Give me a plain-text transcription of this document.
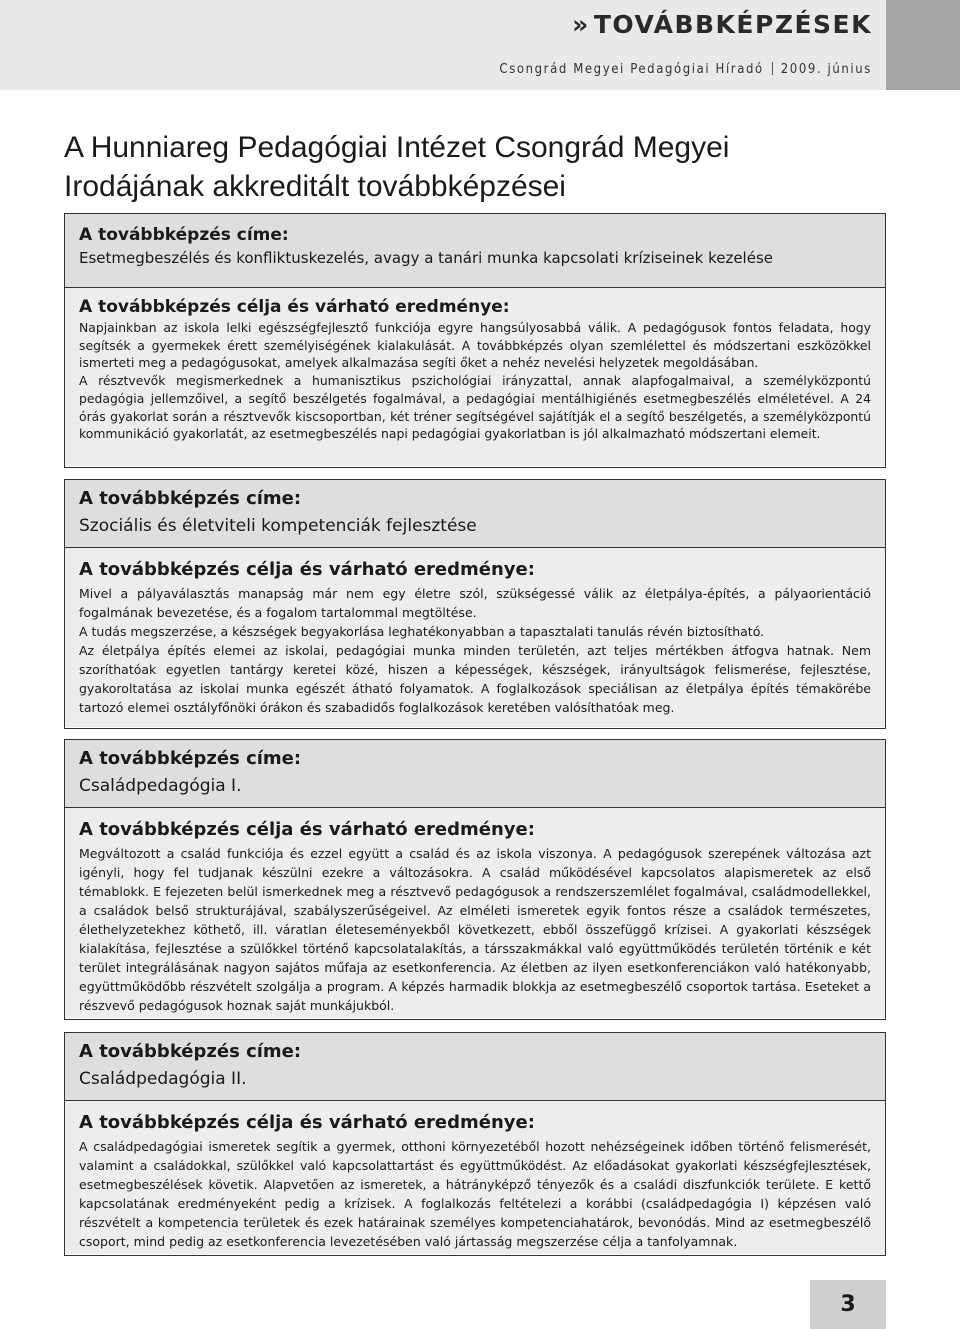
» TOVÁBBKÉPZÉSEK
Csongrád Megyei Pedagógiai Híradó 2009. június
A Hunniareg Pedagógiai Intézet Csongrád Megyei
Irodájának akkreditált továbbképzései

A továbbképzés címe:

Esetmegbeszélés és konfliktuskezelés, avagy a tanári munka kapcsolati kríziseinek kezelése

A továbbképzés célja és várható eredménye:

Napjainkban az iskola lelki egészségfejlesztő funkciója egyre hangsúlyosabbá válik. A pedagógusok fontos feladata, hogy segítsék a gyermekek érett személyiségének kialakulását. A továbbképzés olyan szemlélettel és módszertani eszközökkel ismerteti meg a pedagógusokat, amelyek alkalmazása segíti őket a nehéz nevelési helyzetek megoldásában.

A résztvevők megismerkednek a humanisztikus pszichológiai irányzattal, annak alapfogalmaival, a személyközpontú pedagógia jellemzőivel, a segítő beszélgetés fogalmával, a pedagógiai mentálhigiénés esetmegbeszélés elméletével. A 24 órás gyakorlat során a résztvevők kiscsoportban, két tréner segítségével sajátítják el a segítő beszélgetés, a személyközpontú kommunikáció gyakorlatát, az esetmegbeszélés napi pedagógiai gyakorlatban is jól alkalmazható módszertani elemeit.

A továbbképzés címe:

Szociális és életviteli kompetenciák fejlesztése

A továbbképzés célja és várható eredménye:

Mivel a pályaválasztás manapság már nem egy életre szól, szükségessé válik az életpálya-építés, a pályaorientáció fogalmának bevezetése, és a fogalom tartalommal megtöltése.

A tudás megszerzése, a készségek begyakorlása leghatékonyabban a tapasztalati tanulás révén biztosítható.

Az életpálya építés elemei az iskolai, pedagógiai munka minden területén, azt teljes mértékben átfogva hatnak. Nem szoríthatóak egyetlen tantárgy keretei közé, hiszen a képességek, készségek, irányultságok felismerése, fejlesztése, gyakoroltatása az iskolai munka egészét átható folyamatok. A foglalkozások speciálisan az életpálya építés témakörébe tartozó elemei osztályfőnöki órákon és szabadidős foglalkozások keretében valósíthatóak meg.

A továbbképzés címe:

Családpedagógia I.

A továbbképzés célja és várható eredménye:

Megváltozott a család funkciója és ezzel együtt a család és az iskola viszonya. A pedagógusok szerepének változása azt igényli, hogy fel tudjanak készülni ezekre a változásokra. A család működésével kapcsolatos alapismeretek az első témablokk. E fejezeten belül ismerkednek meg a résztvevő pedagógusok a rendszerszemlélet fogalmával, családmodellekkel, a családok belső strukturájával, szabályszerűségeivel. Az elméleti ismeretek egyik fontos része a családok természetes, élethelyzetekhez köthető, ill. váratlan életeseményekből következett, ebből összefüggő krízisei. A gyakorlati készségek kialakítása, fejlesztése a szülőkkel történő kapcsolatalakítás, a társszakmákkal való együttműködés területén történik e két terület integrálásának nagyon sajátos műfaja az esetkonferencia. Az életben az ilyen esetkonferenciákon való hatékonyabb, együttműködőbb részvételt szolgálja a program. A képzés harmadik blokkja az esetmegbeszélő csoportok tartása. Eseteket a részvevő pedagógusok hoznak saját munkájukból.

A továbbképzés címe:

Családpedagógia II.

A továbbképzés célja és várható eredménye:

A családpedagógiai ismeretek segítik a gyermek, otthoni környezetéből hozott nehézségeinek időben történő felismerését, valamint a családokkal, szülőkkel való kapcsolattartást és együttműködést. Az előadásokat gyakorlati készségfejlesztések, esetmegbeszélések követik. Alapvetően az ismeretek, a hátrányképző tényezők és a családi diszfunkciók területe. E kettő kapcsolatának eredményeként pedig a krízisek. A foglalkozás feltételezi a korábbi (családpedagógia I) képzésen való részvételt a kompetencia területek és ezek határainak személyes kompetenciahatárok, bevonódás. Mind az esetmegbeszélő csoport, mind pedig az esetkonferencia levezetésében való jártasság megszerzése célja a tanfolyamnak.

3
